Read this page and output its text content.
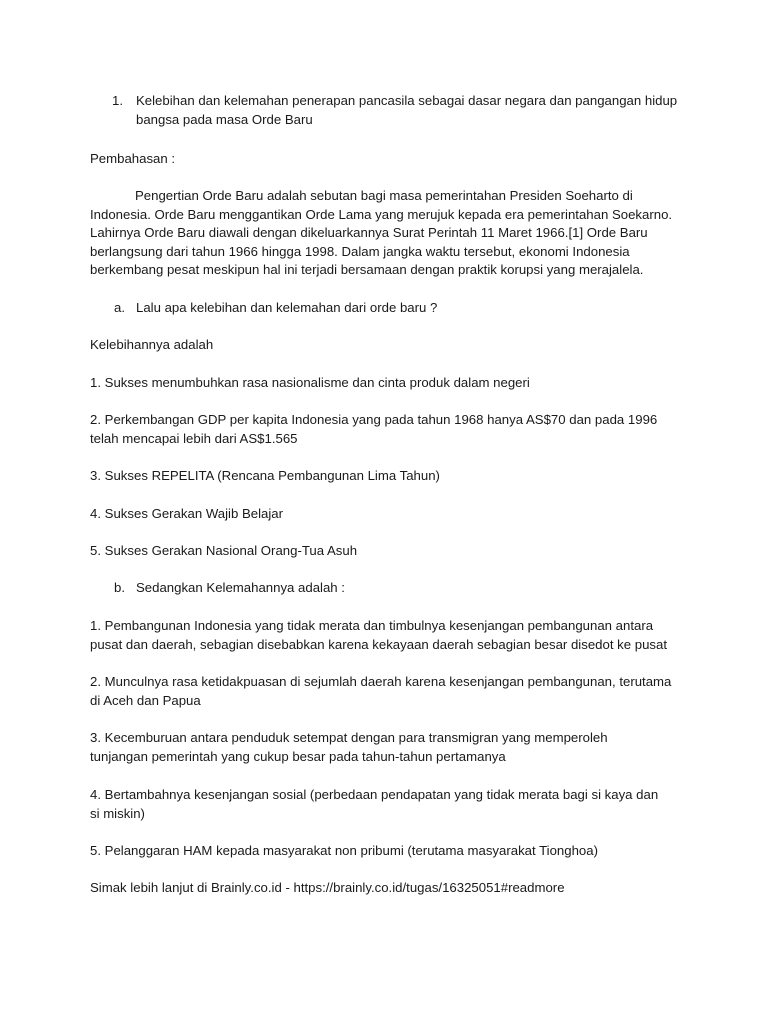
1. Kelebihan dan kelemahan penerapan pancasila sebagai dasar negara dan pangangan hidup bangsa pada masa Orde Baru

Pembahasan :

Pengertian Orde Baru adalah sebutan bagi masa pemerintahan Presiden Soeharto di Indonesia. Orde Baru menggantikan Orde Lama yang merujuk kepada era pemerintahan Soekarno. Lahirnya Orde Baru diawali dengan dikeluarkannya Surat Perintah 11 Maret 1966.[1] Orde Baru berlangsung dari tahun 1966 hingga 1998. Dalam jangka waktu tersebut, ekonomi Indonesia berkembang pesat meskipun hal ini terjadi bersamaan dengan praktik korupsi yang merajalela.

a. Lalu apa kelebihan dan kelemahan dari orde baru ?

Kelebihannya adalah

1. Sukses menumbuhkan rasa nasionalisme dan cinta produk dalam negeri

2. Perkembangan GDP per kapita Indonesia yang pada tahun 1968 hanya AS$70 dan pada 1996 telah mencapai lebih dari AS$1.565

3. Sukses REPELITA (Rencana Pembangunan Lima Tahun)

4. Sukses Gerakan Wajib Belajar

5. Sukses Gerakan Nasional Orang-Tua Asuh

b. Sedangkan Kelemahannya adalah :

1. Pembangunan Indonesia yang tidak merata dan timbulnya kesenjangan pembangunan antara pusat dan daerah, sebagian disebabkan karena kekayaan daerah sebagian besar disedot ke pusat

2. Munculnya rasa ketidakpuasan di sejumlah daerah karena kesenjangan pembangunan, terutama di Aceh dan Papua

3. Kecemburuan antara penduduk setempat dengan para transmigran yang memperoleh tunjangan pemerintah yang cukup besar pada tahun-tahun pertamanya

4. Bertambahnya kesenjangan sosial (perbedaan pendapatan yang tidak merata bagi si kaya dan si miskin)

5. Pelanggaran HAM kepada masyarakat non pribumi (terutama masyarakat Tionghoa)

Simak lebih lanjut di Brainly.co.id - https://brainly.co.id/tugas/16325051#readmore
